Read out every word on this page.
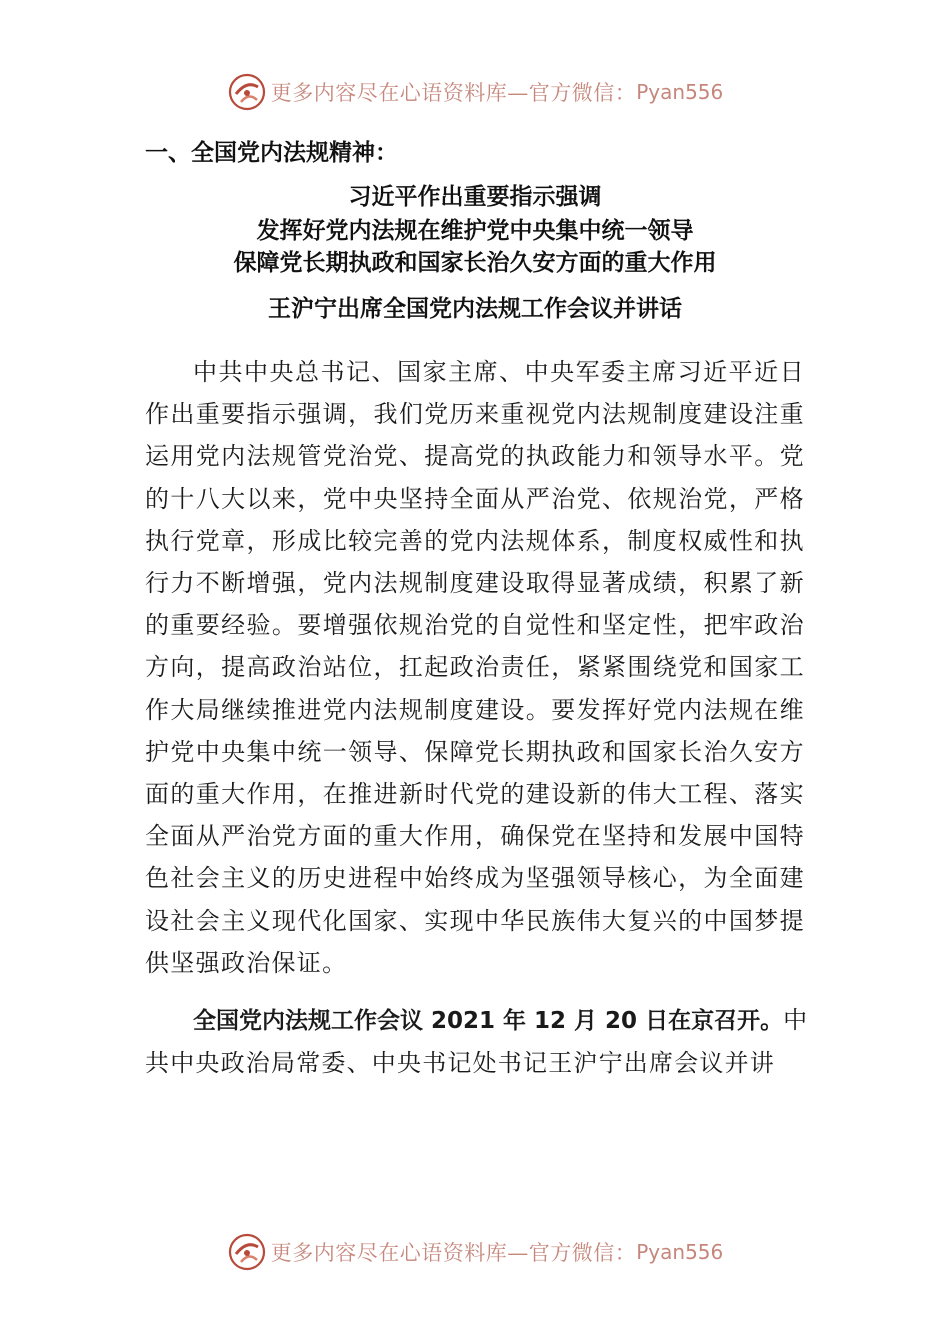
更多内容尽在心语资料库—官方微信： Pyan556
一、全国党内法规精神：
习近平作出重要指示强调
发挥好党内法规在维护党中央集中统一领导
保障党长期执政和国家长治久安方面的重大作用
王沪宁出席全国党内法规工作会议并讲话

中共中央总书记、国家主席、中央军委主席习近平近日作出重要指示强调，我们党历来重视党内法规制度建设注重运用党内法规管党治党、提高党的执政能力和领导水平。党的十八大以来，党中央坚持全面从严治党、依规治党，严格执行党章，形成比较完善的党内法规体系，制度权威性和执行力不断增强，党内法规制度建设取得显著成绩，积累了新的重要经验。要增强依规治党的自觉性和坚定性，把牢政治方向，提高政治站位，扛起政治责任，紧紧围绕党和国家工作大局继续推进党内法规制度建设。要发挥好党内法规在维护党中央集中统一领导、保障党长期执政和国家长治久安方面的重大作用，在推进新时代党的建设新的伟大工程、落实全面从严治党方面的重大作用，确保党在坚持和发展中国特色社会主义的历史进程中始终成为坚强领导核心，为全面建设社会主义现代化国家、实现中华民族伟大复兴的中国梦提供坚强政治保证。

全国党内法规工作会议 2021 年 12 月 20 日在京召开。中共中央政治局常委、中央书记处书记王沪宁出席会议并讲

更多内容尽在心语资料库—官方微信： Pyan556
